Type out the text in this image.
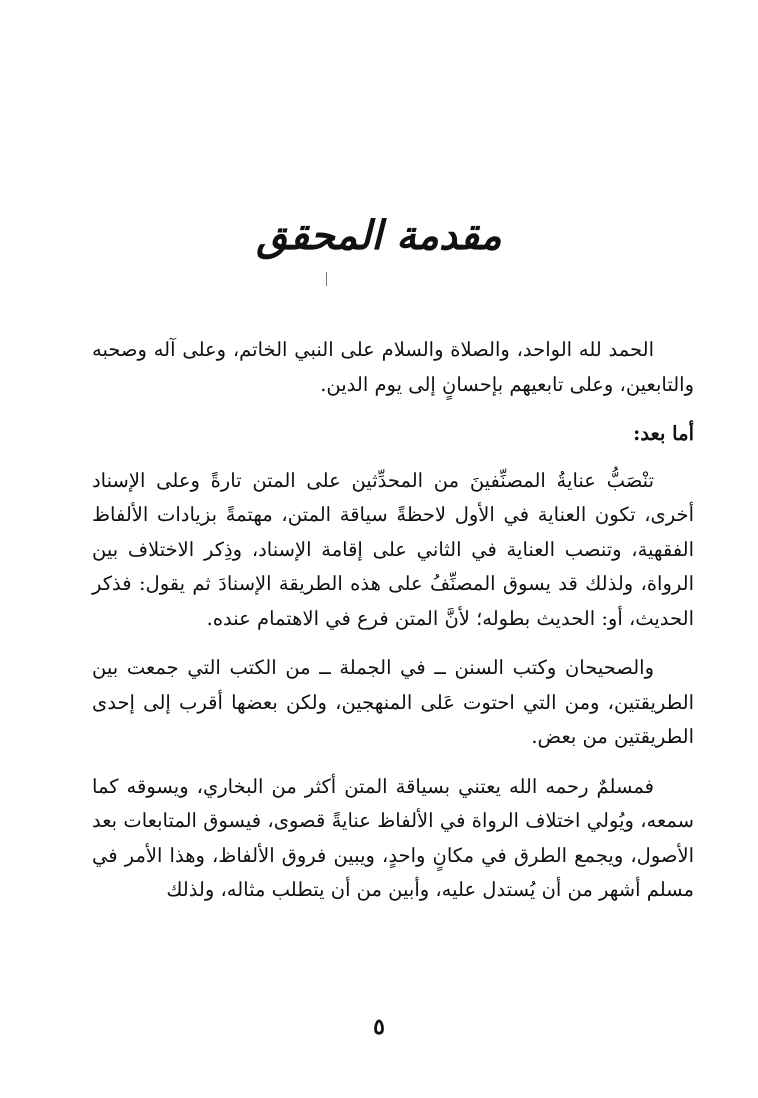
مقدمة المحقق

الحمد لله الواحد، والصلاة والسلام على النبي الخاتم، وعلى آله وصحبه والتابعين، وعلى تابعيهم بإحسانٍ إلى يوم الدين.

أما بعد:

تنْصَبُّ عنايةُ المصنِّفينَ من المحدِّثين على المتن تارةً وعلى الإسناد أخرى، تكون العناية في الأول لاحظةً سياقة المتن، مهتمةً بزيادات الألفاظ الفقهية، وتنصب العناية في الثاني على إقامة الإسناد، وذِكر الاختلاف بين الرواة، ولذلك قد يسوق المصنِّفُ على هذه الطريقة الإسنادَ ثم يقول: فذكر الحديث، أو: الحديث بطوله؛ لأنَّ المتن فرع في الاهتمام عنده.

والصحيحان وكتب السنن ــ في الجملة ــ من الكتب التي جمعت بين الطريقتين، ومن التي احتوت عَلى المنهجين، ولكن بعضها أقرب إلى إحدى الطريقتين من بعض.

فمسلمٌ رحمه الله يعتني بسياقة المتن أكثر من البخاري، ويسوقه كما سمعه، ويُولي اختلاف الرواة في الألفاظ عنايةً قصوى، فيسوق المتابعات بعد الأصول، ويجمع الطرق في مكانٍ واحدٍ، ويبين فروق الألفاظ، وهذا الأمر في مسلم أشهر من أن يُستدل عليه، وأبين من أن يتطلب مثاله، ولذلك

٥
